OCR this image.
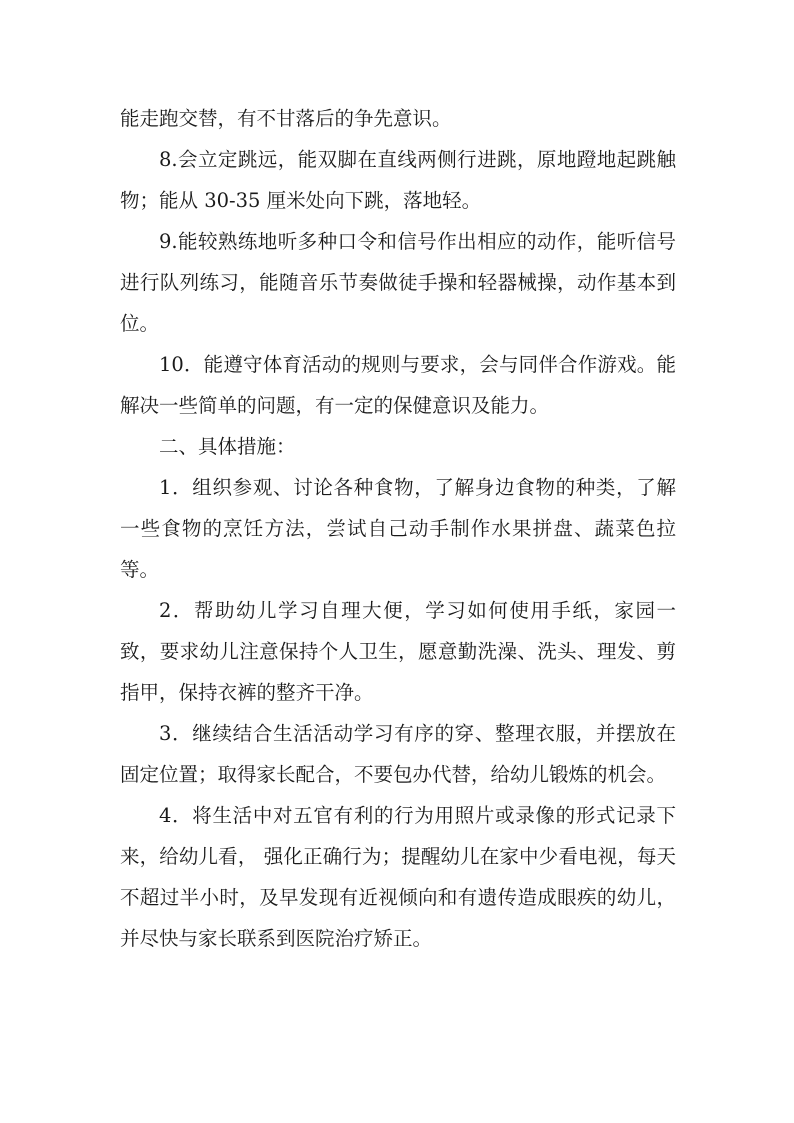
能走跑交替，有不甘落后的争先意识。

8.会立定跳远，能双脚在直线两侧行进跳，原地蹬地起跳触物；能从 30-35 厘米处向下跳，落地轻。

9.能较熟练地听多种口令和信号作出相应的动作，能听信号进行队列练习，能随音乐节奏做徒手操和轻器械操，动作基本到位。

10．能遵守体育活动的规则与要求，会与同伴合作游戏。能解决一些简单的问题，有一定的保健意识及能力。

二、具体措施：

1．组织参观、讨论各种食物，了解身边食物的种类，了解一些食物的烹饪方法，尝试自己动手制作水果拼盘、蔬菜色拉等。

2．帮助幼儿学习自理大便，学习如何使用手纸，家园一致，要求幼儿注意保持个人卫生，愿意勤洗澡、洗头、理发、剪指甲，保持衣裤的整齐干净。

3．继续结合生活活动学习有序的穿、整理衣服，并摆放在固定位置；取得家长配合，不要包办代替，给幼儿锻炼的机会。

4．将生活中对五官有利的行为用照片或录像的形式记录下来，给幼儿看， 强化正确行为；提醒幼儿在家中少看电视，每天不超过半小时，及早发现有近视倾向和有遗传造成眼疾的幼儿，并尽快与家长联系到医院治疗矫正。
